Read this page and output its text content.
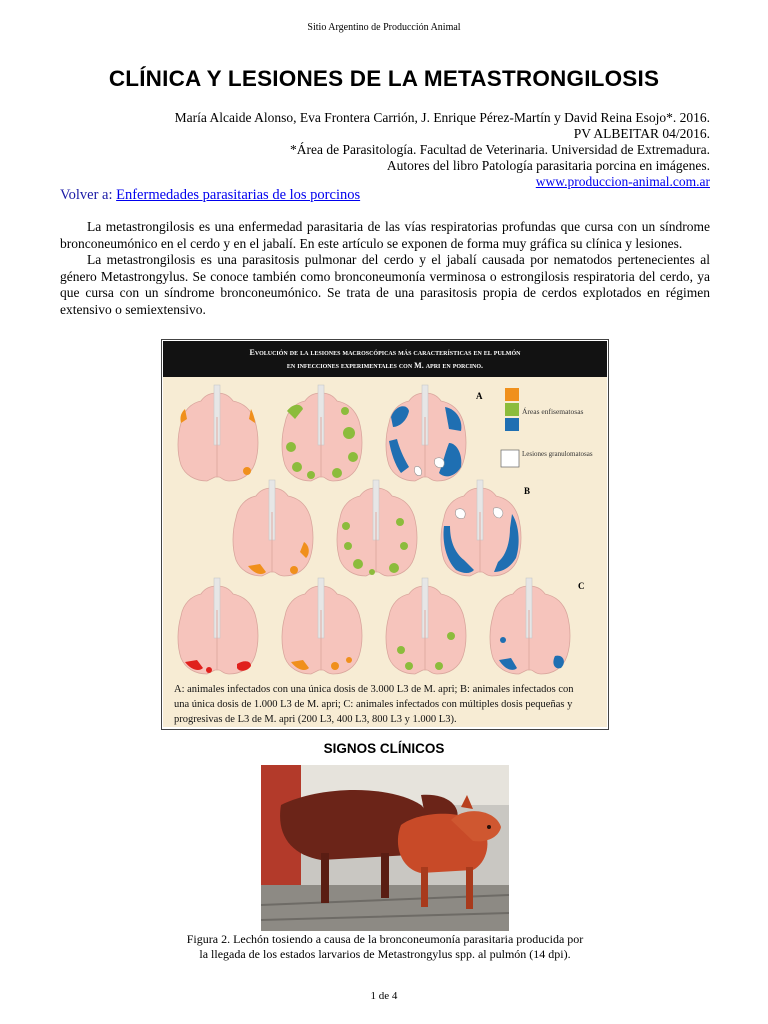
Sitio Argentino de Producción Animal
CLÍNICA Y LESIONES DE LA METASTRONGILOSIS
María Alcaide Alonso, Eva Frontera Carrión, J. Enrique Pérez-Martín y David Reina Esojo*. 2016.
PV ALBEITAR 04/2016.
*Área de Parasitología. Facultad de Veterinaria. Universidad de Extremadura.
Autores del libro Patología parasitaria porcina en imágenes.
www.produccion-animal.com.ar
Volver a: Enfermedades parasitarias de los porcinos

La metastrongilosis es una enfermedad parasitaria de las vías respiratorias profundas que cursa con un síndrome bronconeumónico en el cerdo y en el jabalí. En este artículo se exponen de forma muy gráfica su clínica y lesiones.

La metastrongilosis es una parasitosis pulmonar del cerdo y el jabalí causada por nematodos pertenecientes al género Metastrongylus. Se conoce también como bronconeumonía verminosa o estrongilosis respiratoria del cerdo, ya que cursa con un síndrome bronconeumónico. Se trata de una parasitosis propia de cerdos explotados en régimen extensivo o semiextensivo.

Evolución de la lesiones macroscópicas más características en el pulmón
en infecciones experimentales con M. apri en porcino.
A
B
C
Áreas enfisematosas
Lesiones granulomatosas
A: animales infectados con una única dosis de 3.000 L3 de M. apri; B: animales infectados con
una única dosis de 1.000 L3 de M. apri; C: animales infectados con múltiples dosis pequeñas y
progresivas de L3 de M. apri (200 L3, 400 L3, 800 L3 y 1.000 L3).
SIGNOS CLÍNICOS
Figura 2. Lechón tosiendo a causa de la bronconeumonía parasitaria producida por
la llegada de los estados larvarios de Metastrongylus spp. al pulmón (14 dpi).
1 de 4
